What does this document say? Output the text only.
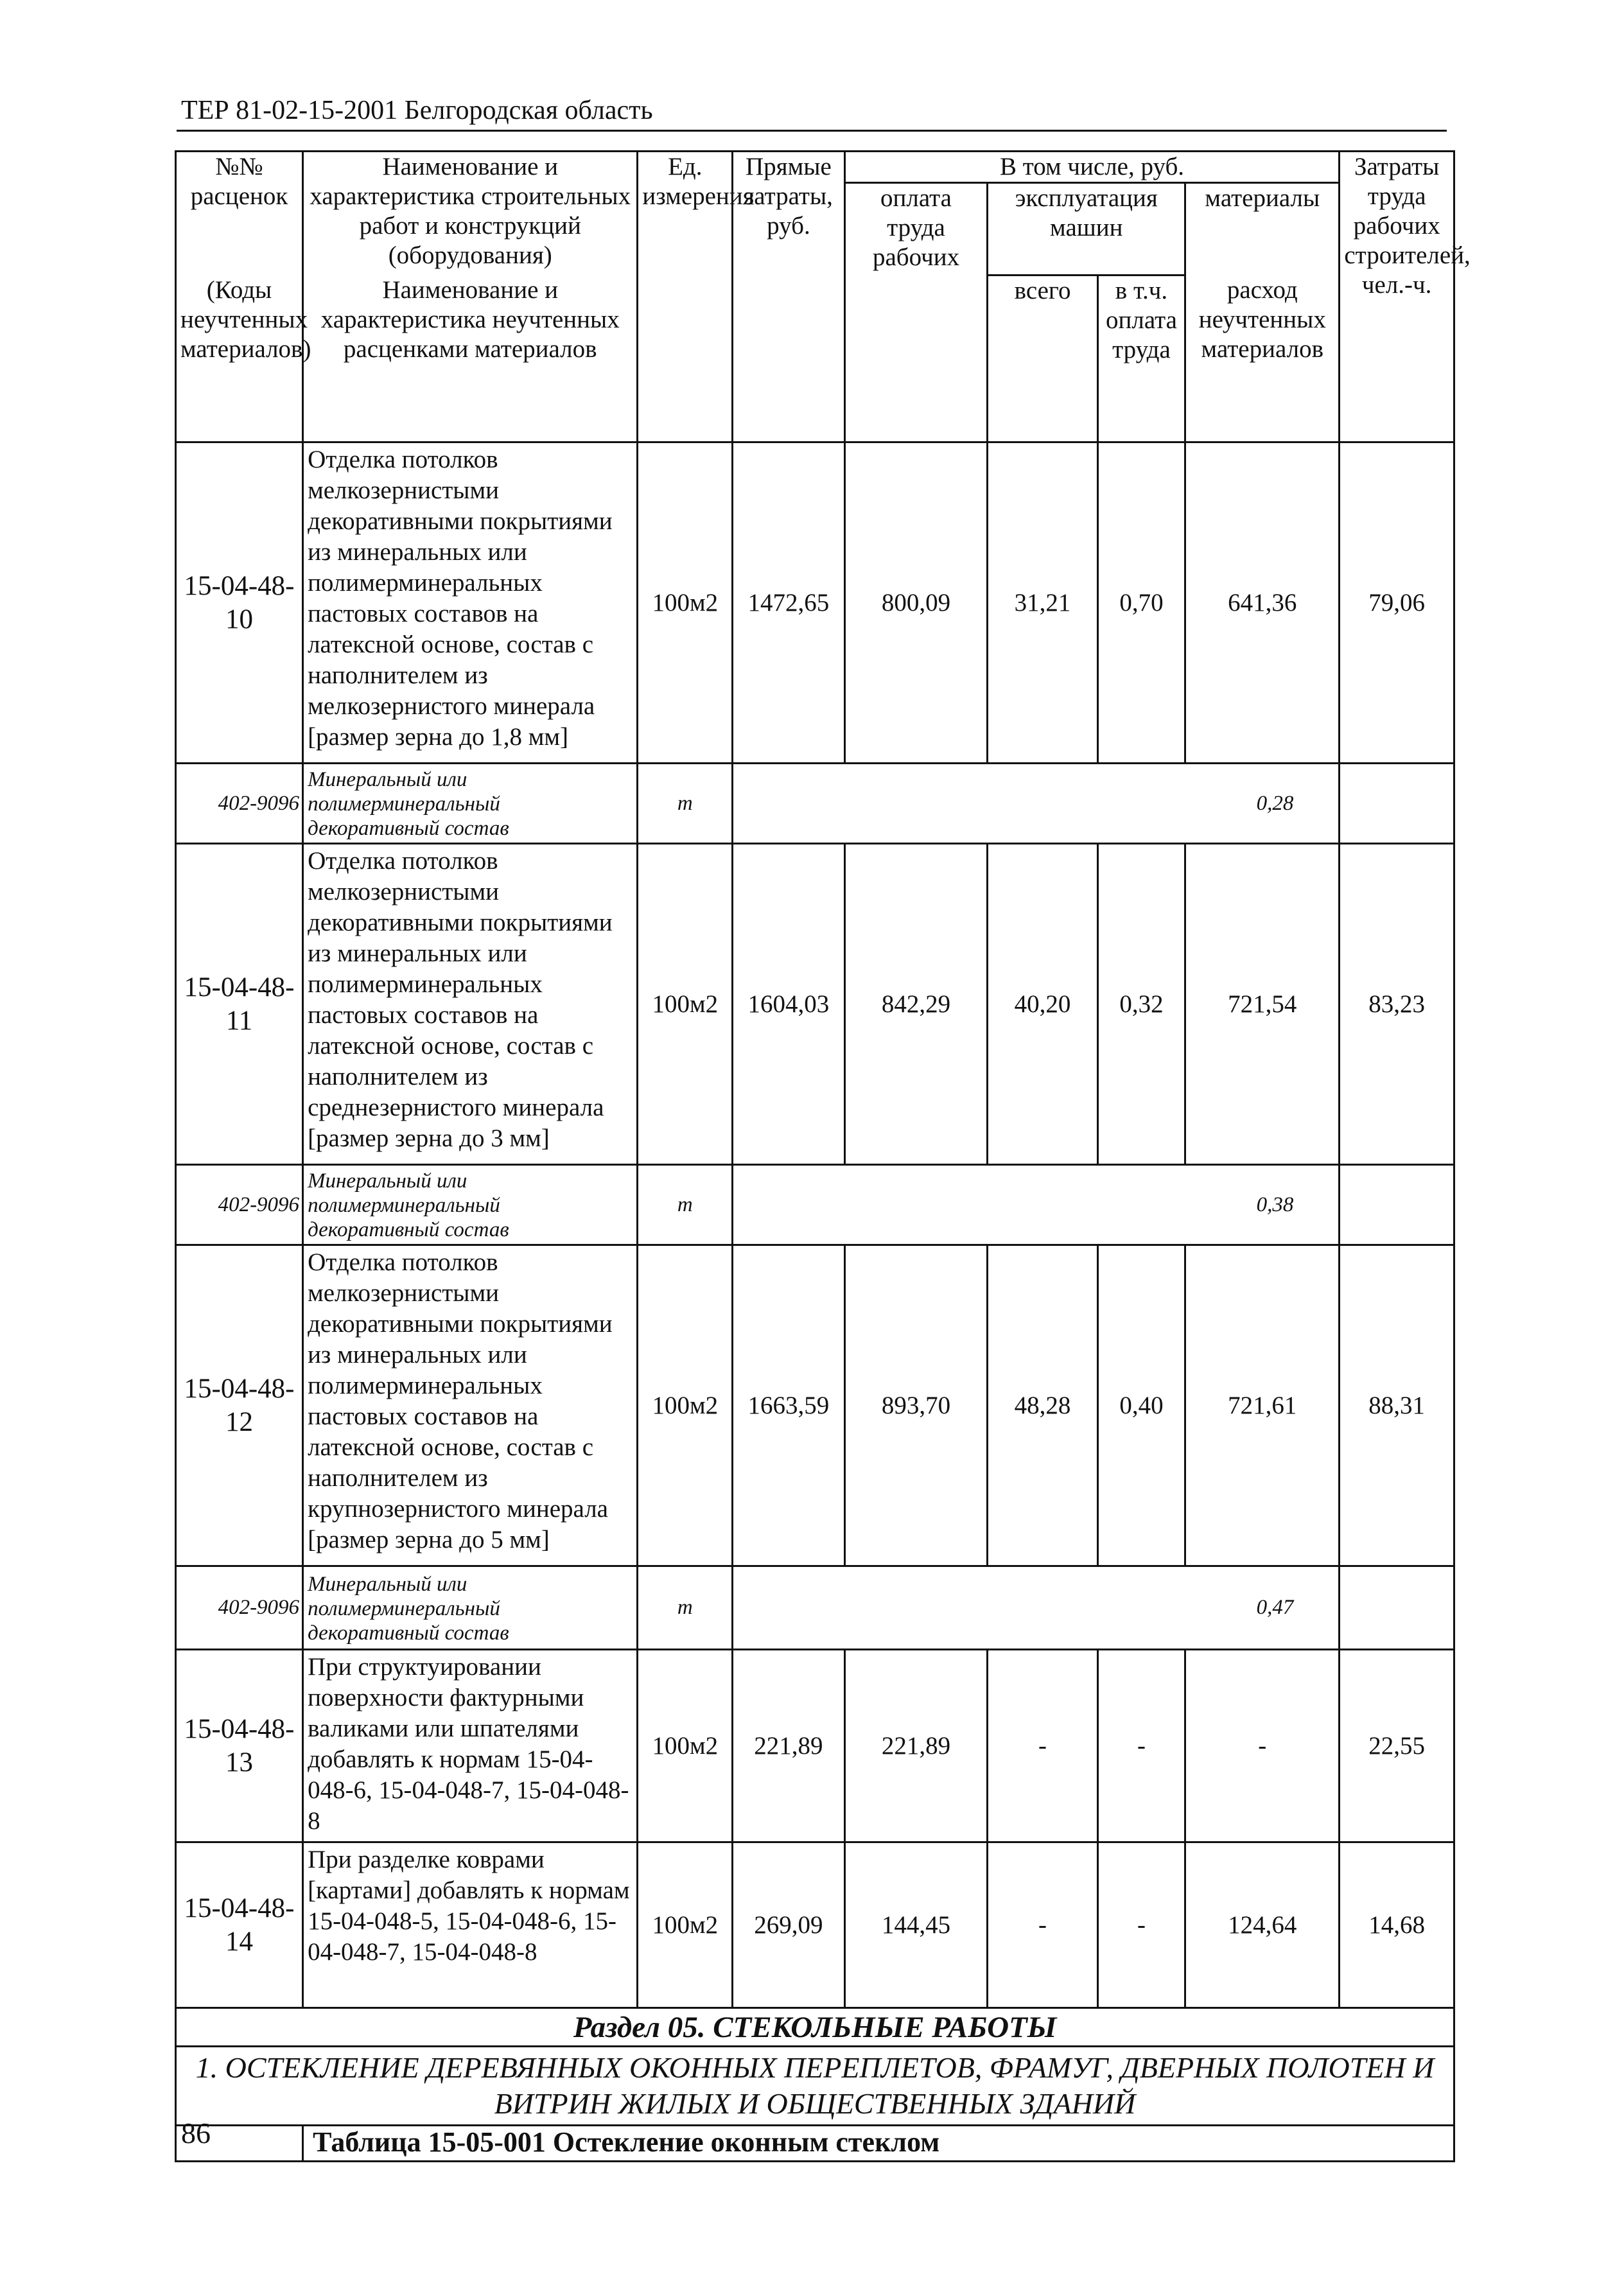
ТЕР 81-02-15-2001 Белгородская область
№№ расценок	Наименование и характеристика строительных работ и конструкций (оборудования)	Ед. измерения	Прямые затраты, руб.	В том числе, руб.				Затраты труда рабочих строителей, чел.-ч.
				оплата труда рабочих	эксплуатация машин		материалы	
(Коды неучтенных материалов)	Наименование и характеристика неучтенных расценками материалов				всего	в т.ч. оплата труда	расход неучтенных материалов	

15-04-48-10	Отделка потолков мелкозернистыми декоративными покрытиями из минеральных или полимерминеральных пастовых составов на латексной основе, состав с наполнителем из мелкозернистого минерала [размер зерна до 1,8 мм]	100м2	1472,65	800,09	31,21	0,70	641,36	79,06
402-9096	Минеральный или полимерминеральный декоративный состав	т	0,28					
15-04-48-11	Отделка потолков мелкозернистыми декоративными покрытиями из минеральных или полимерминеральных пастовых составов на латексной основе, состав с наполнителем из среднезернистого минерала [размер зерна до 3 мм]	100м2	1604,03	842,29	40,20	0,32	721,54	83,23
402-9096	Минеральный или полимерминеральный декоративный состав	т	0,38					
15-04-48-12	Отделка потолков мелкозернистыми декоративными покрытиями из минеральных или полимерминеральных пастовых составов на латексной основе, состав с наполнителем из крупнозернистого минерала [размер зерна до 5 мм]	100м2	1663,59	893,70	48,28	0,40	721,61	88,31
402-9096	Минеральный или полимерминеральный декоративный состав	т	0,47					
15-04-48-13	При структуировании поверхности фактурными валиками или шпателями добавлять к нормам 15-04-048-6, 15-04-048-7, 15-04-048-8	100м2	221,89	221,89	-	-	-	22,55
15-04-48-14	При разделке коврами [картами] добавлять к нормам 15-04-048-5, 15-04-048-6, 15-04-048-7, 15-04-048-8	100м2	269,09	144,45	-	-	124,64	14,68
Раздел 05. СТЕКОЛЬНЫЕ РАБОТЫ								
1. ОСТЕКЛЕНИЕ ДЕРЕВЯННЫХ ОКОННЫХ ПЕРЕПЛЕТОВ, ФРАМУГ, ДВЕРНЫХ ПОЛОТЕН И ВИТРИН ЖИЛЫХ И ОБЩЕСТВЕННЫХ ЗДАНИЙ								
	Таблица 15-05-001 Остекление оконным стеклом							
86
